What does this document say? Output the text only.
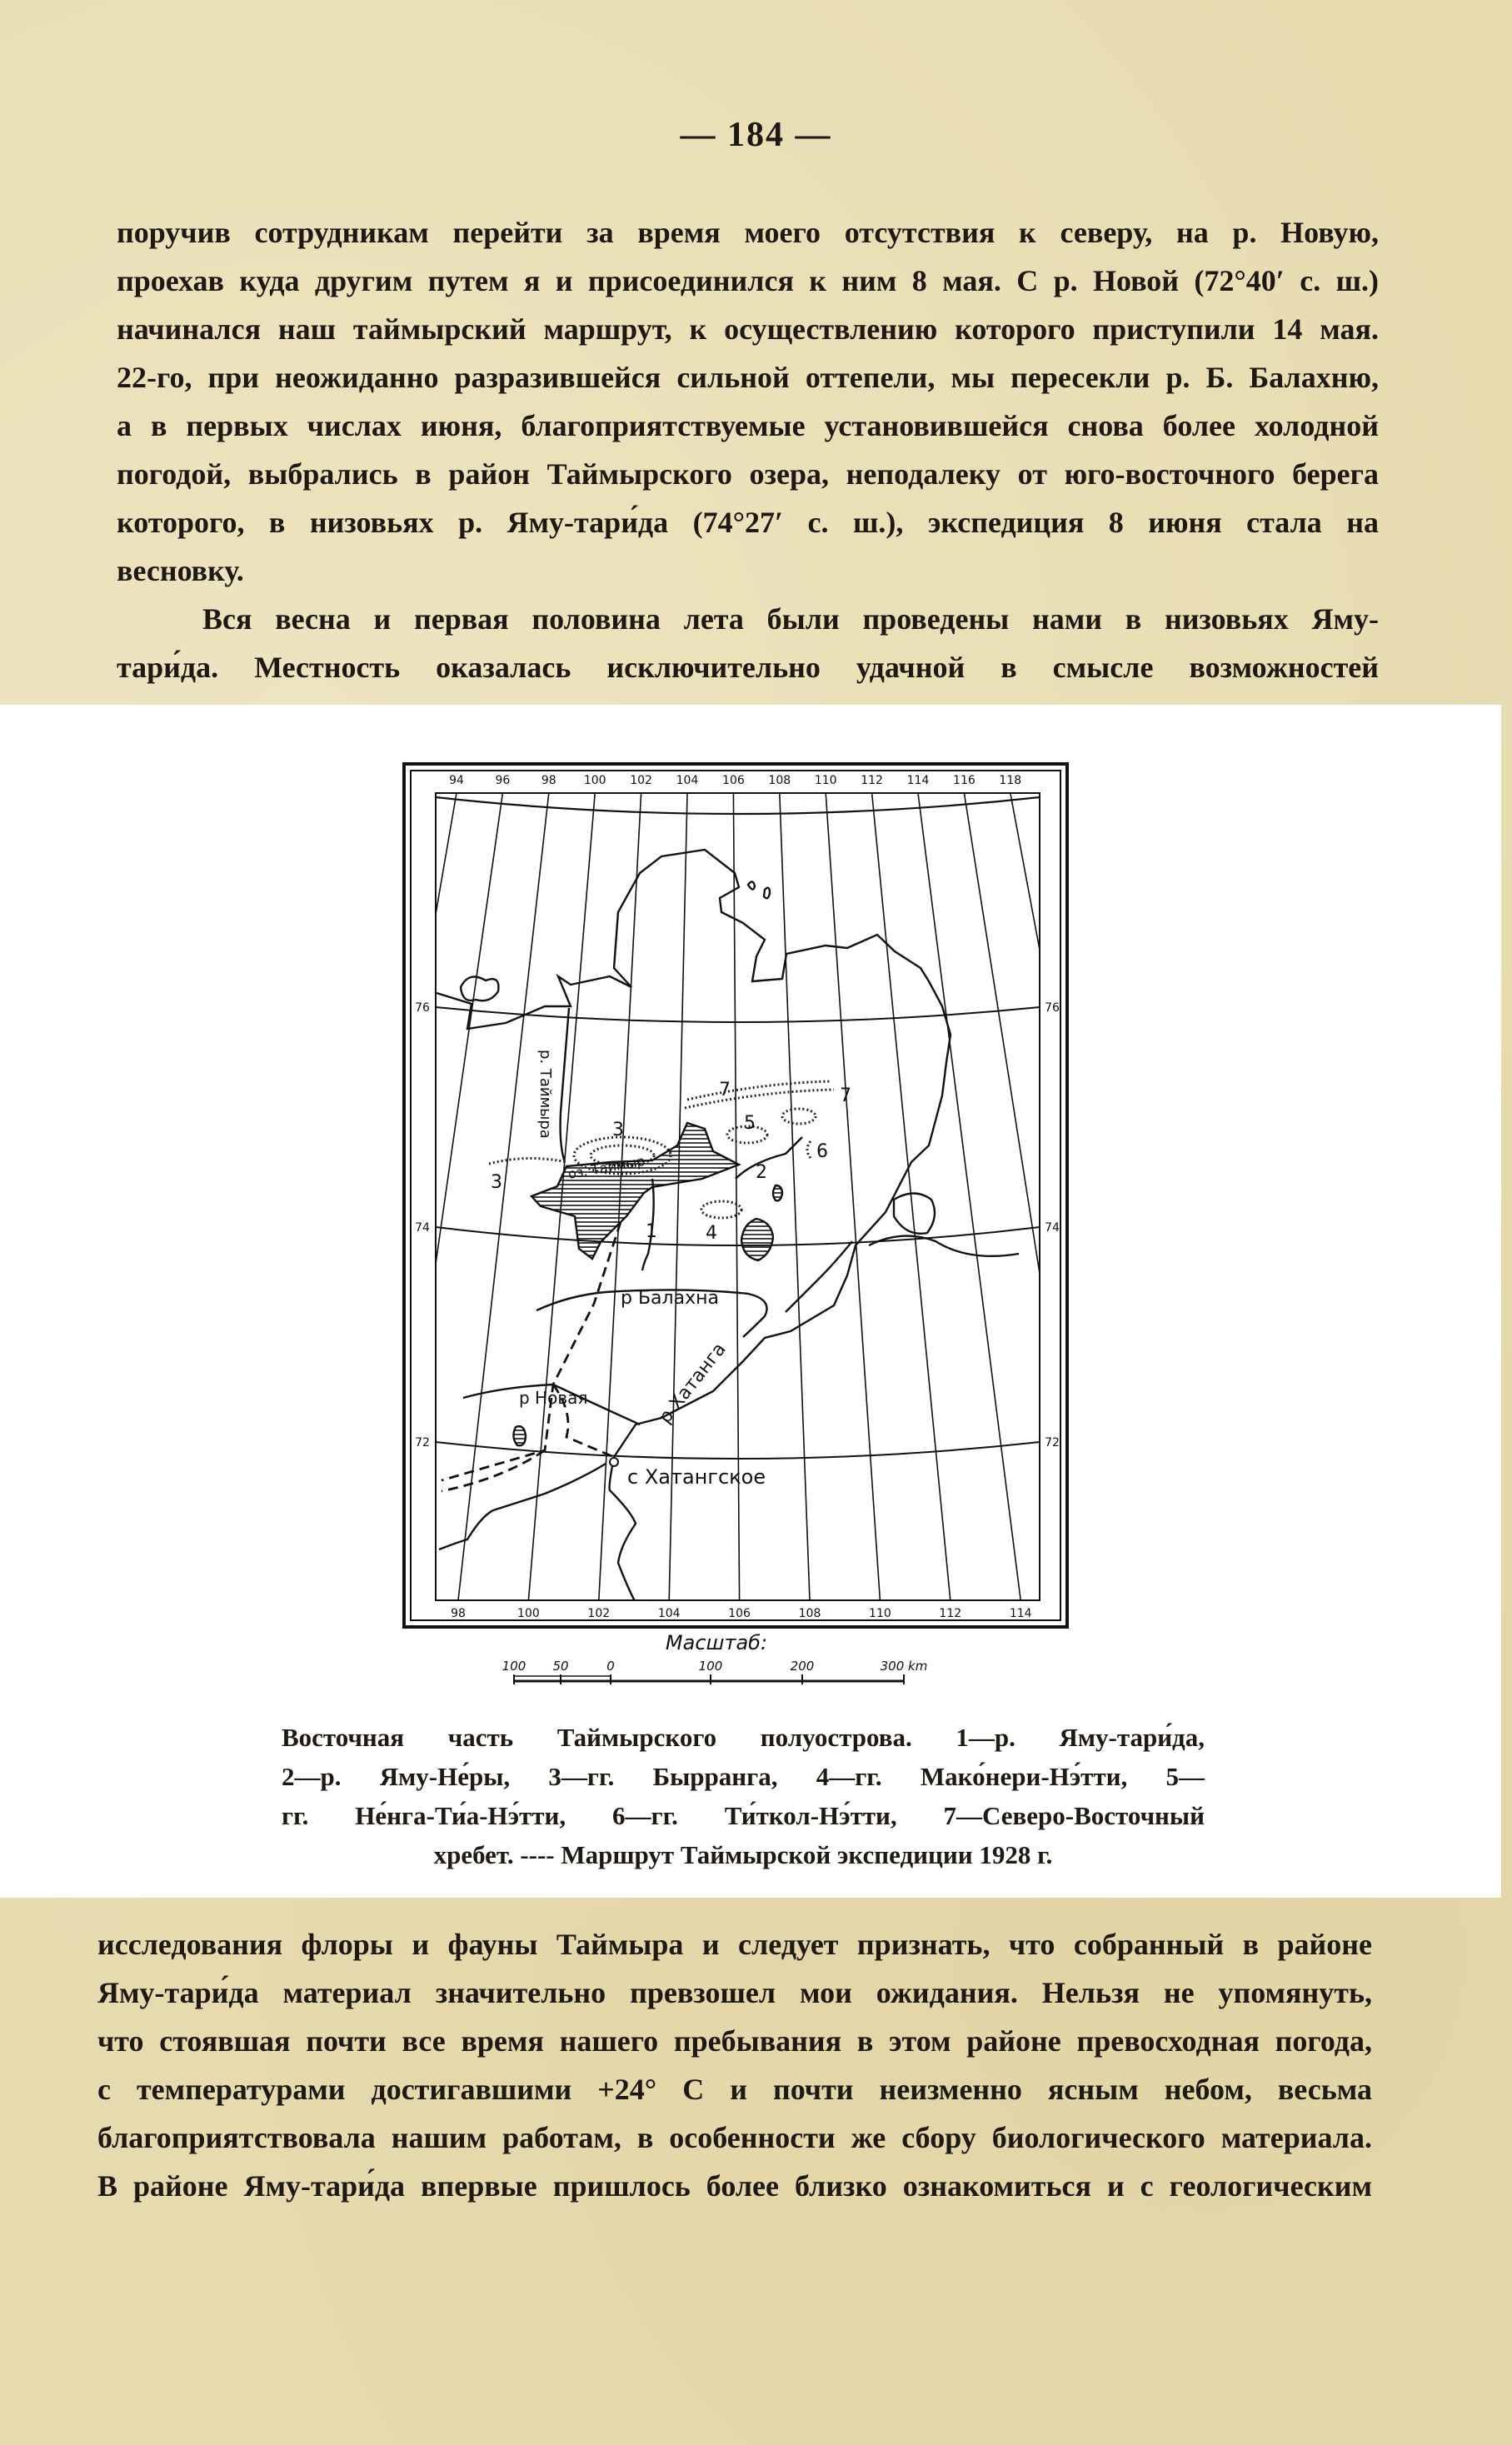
— 184 —
поручив сотрудникам перейти за время моего отсутствия к северу, на р. Новую,
проехав куда другим путем я и присоединился к ним 8 мая. С р. Новой (72°40′ с. ш.)
начинался наш таймырский маршрут, к осуществлению которого приступили 14 мая.
22-го, при неожиданно разразившейся сильной оттепели, мы пересекли р. Б. Балахню,
а в первых числах июня, благоприятствуемые установившейся снова более холодной
погодой, выбрались в район Таймырского озера, неподалеку от юго-восточного берега
которого, в низовьях р. Яму-тари́да (74°27′ с. ш.), экспедиция 8 июня стала на
весновку.
Вся весна и первая половина лета были проведены нами в низовьях Яму-
тари́да. Местность оказалась исключительно удачной в смысле возможностей
94	96	98 100 102 104 106 108 110 112 114 116 118
98	100	102	104	106	108	110	112	114
76	76
74	74
72	72
р Балахна
р Хатанга
р Новая
с Хатангское
р. Таймыра
оз. Таймыр
1
2
3
3
4
5
6
7	7
Масштаб:
100 50	0	100	200	300 km
Восточная часть Таймырского полуострова. 1—р. Яму-тари́да,
2—р. Яму-Не́ры, 3—гг. Бырранга, 4—гг. Мако́нери-Нэ́тти, 5—
гг. Не́нга-Ти́а-Нэ́тти, 6—гг. Ти́ткол-Нэ́тти, 7—Северо-Восточный
хребет. ---- Маршрут Таймырской экспедиции 1928 г.
исследования флоры и фауны Таймыра и следует признать, что собранный в районе
Яму-тари́да материал значительно превзошел мои ожидания. Нельзя не упомянуть,
что стоявшая почти все время нашего пребывания в этом районе превосходная погода,
с температурами достигавшими +24° С и почти неизменно ясным небом, весьма
благоприятствовала нашим работам, в особенности же сбору биологического материала.
В районе Яму-тари́да впервые пришлось более близко ознакомиться и с геологическим
